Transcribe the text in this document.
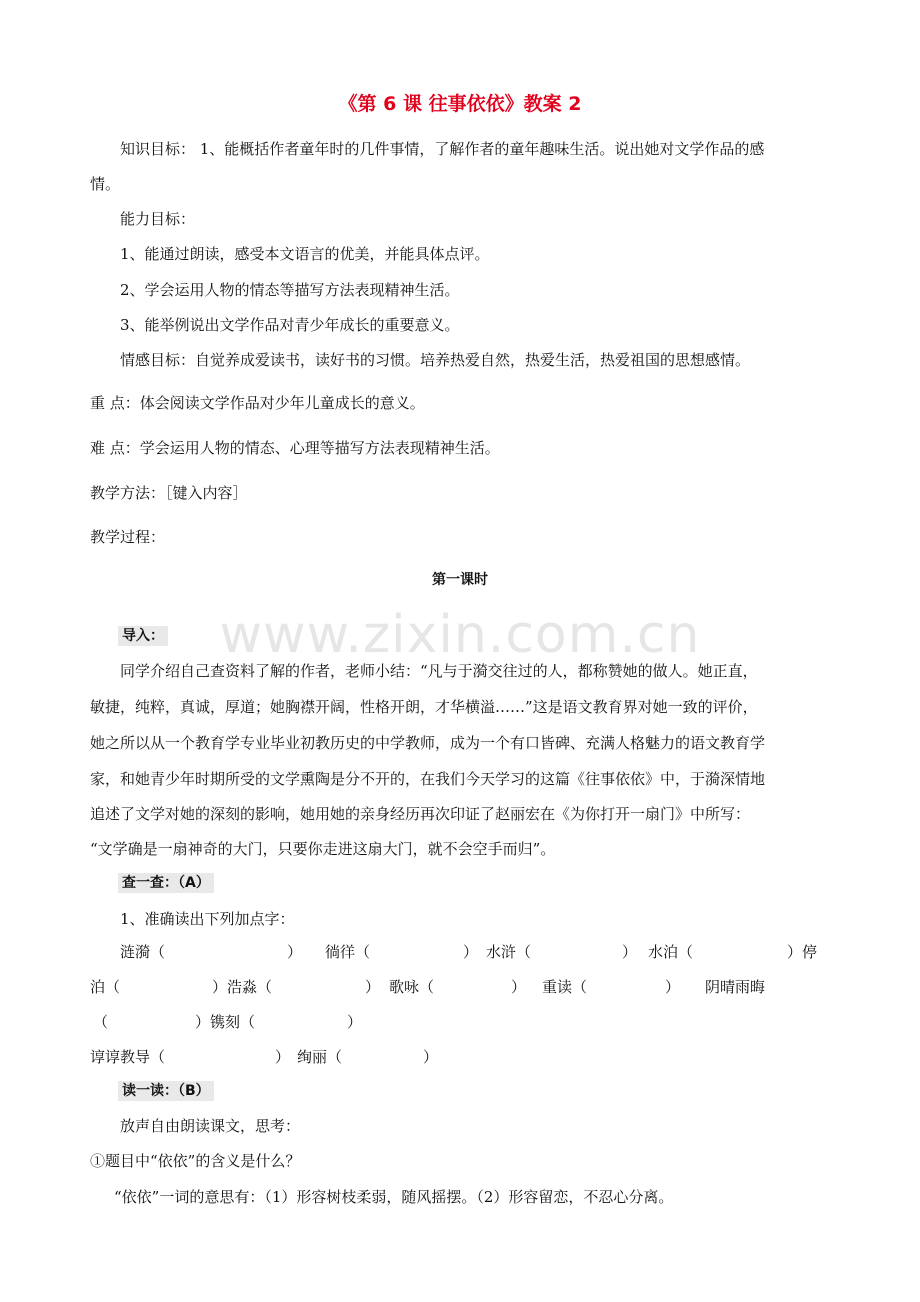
www.zixin.com.cn
《第 6 课 往事依依》教案 2
知识目标： 1、能概括作者童年时的几件事情，了解作者的童年趣味生活。说出她对文学作品的感
情。
能力目标：
1、能通过朗读，感受本文语言的优美，并能具体点评。
2、学会运用人物的情态等描写方法表现精神生活。
3、能举例说出文学作品对青少年成长的重要意义。
情感目标：自觉养成爱读书，读好书的习惯。培养热爱自然，热爱生活，热爱祖国的思想感情。
重 点：体会阅读文学作品对少年儿童成长的意义。
难 点：学会运用人物的情态、心理等描写方法表现精神生活。
教学方法：［键入内容］
教学过程：
第一课时
导入：
同学介绍自己查资料了解的作者，老师小结：“凡与于漪交往过的人，都称赞她的做人。她正直，
敏捷，纯粹，真诚，厚道；她胸襟开阔，性格开朗，才华横溢……”这是语文教育界对她一致的评价，
她之所以从一个教育学专业毕业初教历史的中学教师，成为一个有口皆碑、充满人格魅力的语文教育学
家，和她青少年时期所受的文学熏陶是分不开的，在我们今天学习的这篇《往事依依》中，于漪深情地
追述了文学对她的深刻的影响，她用她的亲身经历再次印证了赵丽宏在《为你打开一扇门》中所写：
“文学确是一扇神奇的大门，只要你走进这扇大门，就不会空手而归”。
查一查：（A）
1、准确读出下列加点字：
涟漪（	） 徜徉（	） 水浒（	） 水泊（	）停
泊（	）浩淼（	） 歌咏（	） 重读（	） 阴晴雨晦
（	）镌刻（	）
谆谆教导（	） 绚丽（	）
读一读：（B）
放声自由朗读课文，思考：
①题目中“依依”的含义是什么？
“依依”一词的意思有：（1）形容树枝柔弱，随风摇摆。（2）形容留恋，不忍心分离。
